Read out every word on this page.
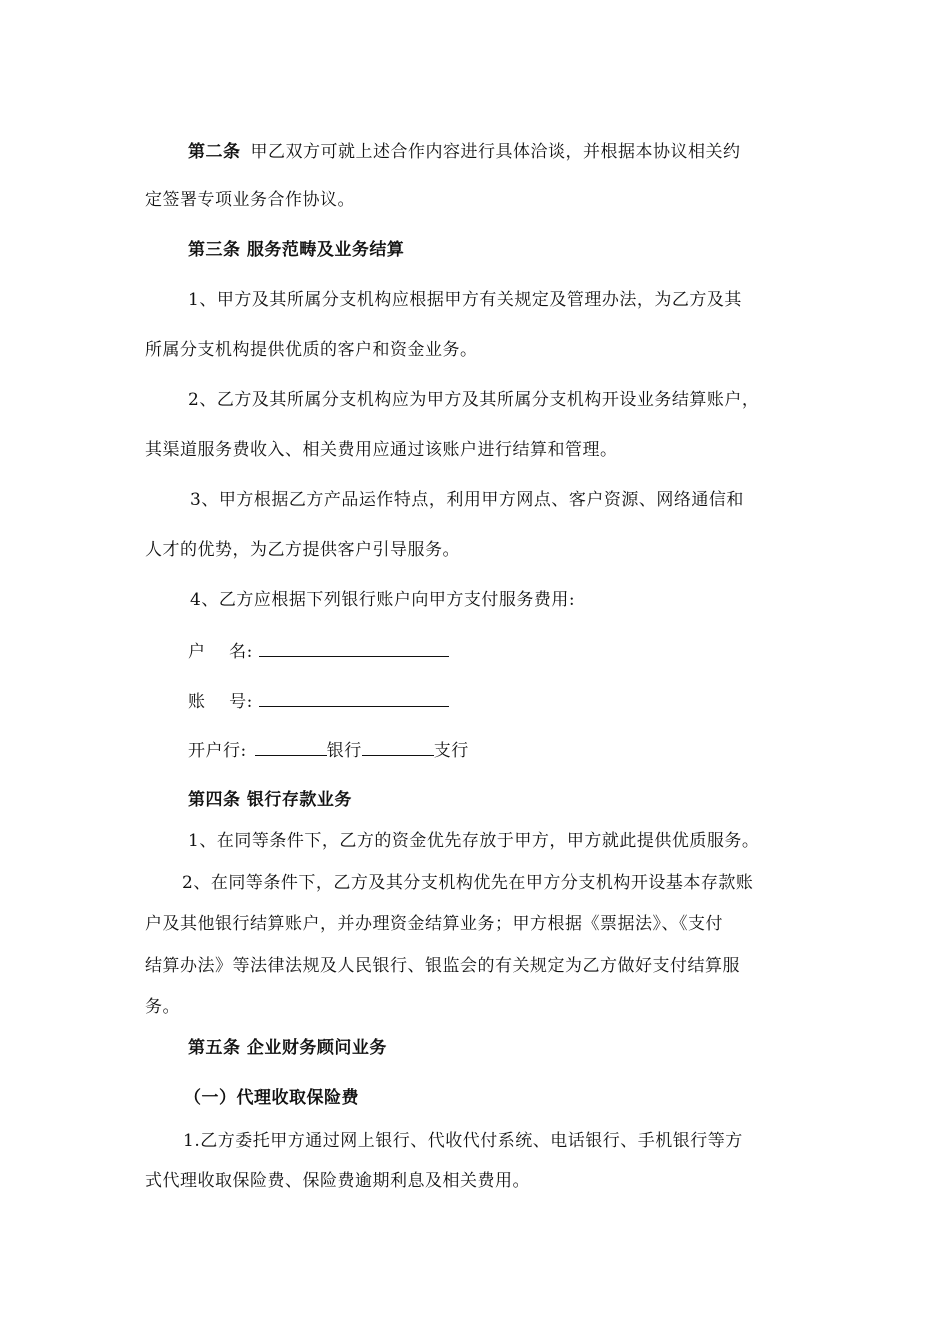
第二条 甲乙双方可就上述合作内容进行具体洽谈，并根据本协议相关约
定签署专项业务合作协议。
第三条 服务范畴及业务结算
1、甲方及其所属分支机构应根据甲方有关规定及管理办法，为乙方及其
所属分支机构提供优质的客户和资金业务。
2、乙方及其所属分支机构应为甲方及其所属分支机构开设业务结算账户，
其渠道服务费收入、相关费用应通过该账户进行结算和管理。
3、甲方根据乙方产品运作特点，利用甲方网点、客户资源、网络通信和
人才的优势，为乙方提供客户引导服务。
4、乙方应根据下列银行账户向甲方支付服务费用:
户    名:
账    号:
开户行:	银行	支行
第四条 银行存款业务
1、在同等条件下，乙方的资金优先存放于甲方，甲方就此提供优质服务。
2、在同等条件下，乙方及其分支机构优先在甲方分支机构开设基本存款账
户及其他银行结算账户，并办理资金结算业务；甲方根据《票据法》、《支付
结算办法》等法律法规及人民银行、银监会的有关规定为乙方做好支付结算服
务。
第五条 企业财务顾问业务
（一）代理收取保险费
1.乙方委托甲方通过网上银行、代收代付系统、电话银行、手机银行等方
式代理收取保险费、保险费逾期利息及相关费用。
